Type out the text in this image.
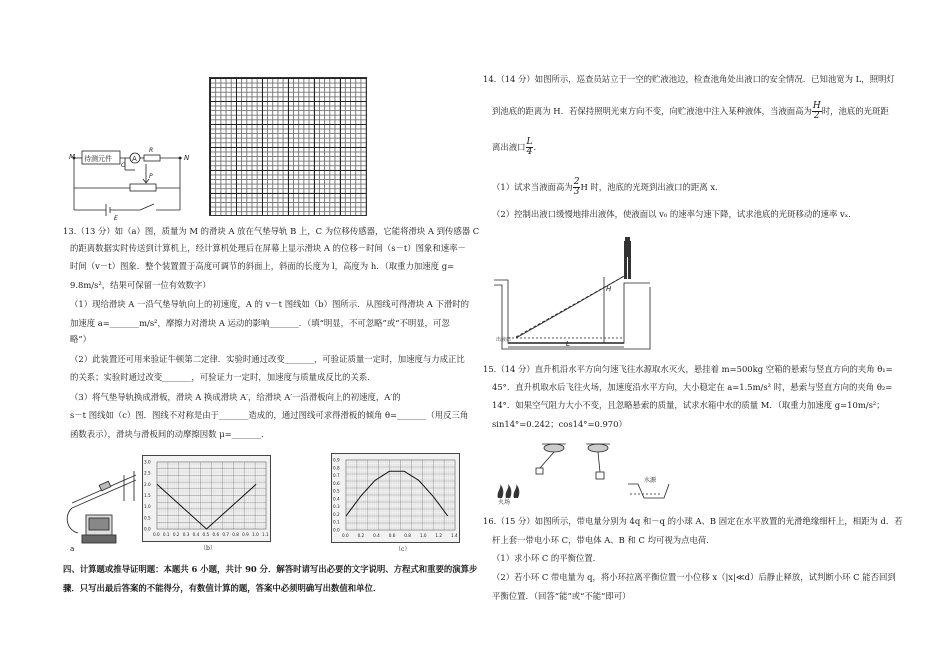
待测元件	A
R
P
O
M	N
E
13.（13 分）如（a）图，质量为 M 的滑块 A 放在气垫导轨 B 上，C 为位移传感器，它能将滑块 A 到传感器 C
的距离数据实时传送到计算机上，经计算机处理后在屏幕上显示滑块 A 的位移－时间（s－t）图象和速率－
时间（v－t）图象．整个装置置于高度可调节的斜面上，斜面的长度为 l，高度为 h．（取重力加速度 g=
9.8m/s²，结果可保留一位有效数字）
（1）现给滑块 A 一沿气垫导轨向上的初速度，A 的 v－t 图线如（b）图所示．从图线可得滑块 A 下滑时的
加速度 a=_______m/s²，摩擦力对滑块 A 运动的影响_______．（填“明显，不可忽略”或“不明显，可忽
略”）
（2）此装置还可用来验证牛顿第二定律．实验时通过改变_______，可验证质量一定时，加速度与力成正比
的关系；实验时通过改变_______，可验证力一定时，加速度与质量成反比的关系．
（3）将气垫导轨换成滑板，滑块 A 换成滑块 A′，给滑块 A′一沿滑板向上的初速度，A′的
s－t 图线如（c）图．图线不对称是由于_______造成的，通过图线可求得滑板的倾角 θ=_______（用反三角
函数表示），滑块与滑板间的动摩擦因数 μ=_______．
a
0.0 0.1 0.2 0.3 0.4 0.5 0.6 0.7 0.8 0.9 1.0 1.1
0.0
0.5
1.0
1.5
2.0
2.5
3.0
（b）
0.0 0.2 0.4 0.6 0.8 1.0 1.2 1.4
0.0
0.1
0.2
0.3
0.4
0.5
0.6
0.7
0.8
0.9
（c）
四、计算题或推导证明题：本题共 6 小题，共计 90 分．解答时请写出必要的文字说明、方程式和重要的演算步
骤．只写出最后答案的不能得分，有数值计算的题，答案中必须明确写出数值和单位．
14.（14 分）如图所示，巡查员站立于一空的贮液池边，检查池角处出液口的安全情况．已知池宽为 L，照明灯
到池底的距离为 H．若保持照明光束方向不变，向贮液池中注入某种液体，当液面高为 $\frac{H}{2}$ 时，池底的光斑距
离出液口 $\frac{L}{4}$ ．
（1）试求当液面高为 $\frac{2}{3}$ H 时，池底的光斑到出液口的距离 x．
（2）控制出液口缓慢地排出液体，使液面以 v₀ 的速率匀速下降，试求池底的光斑移动的速率 vₓ．
H
L
出液口
15.（14 分）直升机沿水平方向匀速飞往水源取水灭火，悬挂着 m=500kg 空箱的悬索与竖直方向的夹角 θ₁=
45°．直升机取水后飞往火场，加速度沿水平方向，大小稳定在 a=1.5m/s² 时，悬索与竖直方向的夹角 θ₂=
14°．如果空气阻力大小不变，且忽略悬索的质量，试求水箱中水的质量 M．（取重力加速度 g=10m/s²；
sin14°=0.242；cos14°=0.970）
火场
水源
16.（15 分）如图所示，带电量分别为 4q 和－q 的小球 A、B 固定在水平放置的光滑绝缘细杆上，相距为 d．若
杆上套一带电小环 C，带电体 A、B 和 C 均可视为点电荷．
（1）求小环 C 的平衡位置．
（2）若小环 C 带电量为 q，将小环拉离平衡位置一小位移 x（|x|≪d）后静止释放，试判断小环 C 能否回到
平衡位置．（回答“能”或“不能”即可）
